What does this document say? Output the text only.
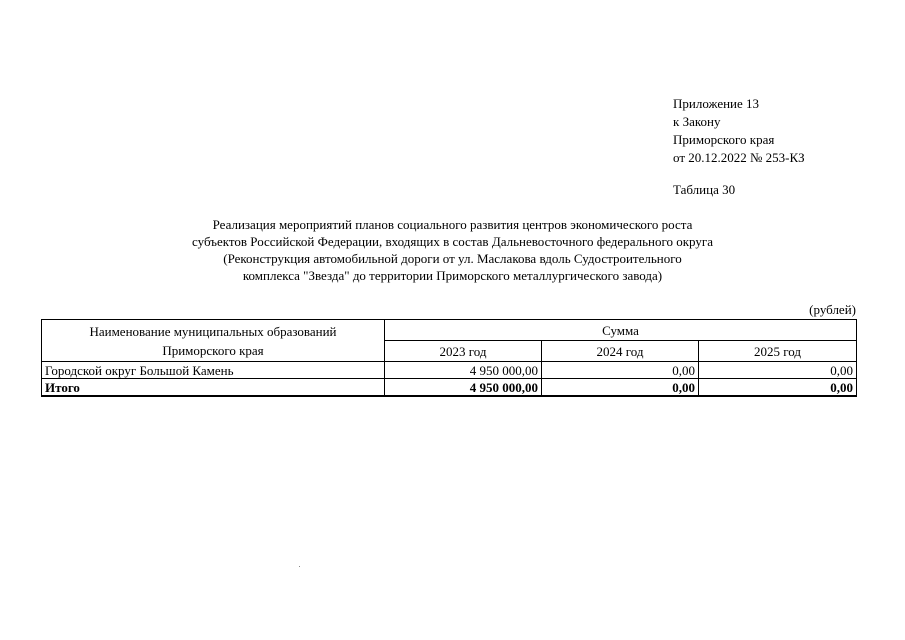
Приложение 13
к Закону
Приморского края
от 20.12.2022 № 253-КЗ
Таблица 30
Реализация мероприятий планов социального развития центров экономического роста
субъектов Российской Федерации, входящих в состав Дальневосточного федерального округа
(Реконструкция автомобильной дороги от ул. Маслакова вдоль Судостроительного
комплекса "Звезда" до территории Приморского металлургического завода)
(рублей)
Наименование муниципальных образований
Приморского края	Сумма		
	2023 год	2024 год	2025 год
Городской округ Большой Камень	4 950 000,00	0,00	0,00
Итого	4 950 000,00	0,00	0,00
